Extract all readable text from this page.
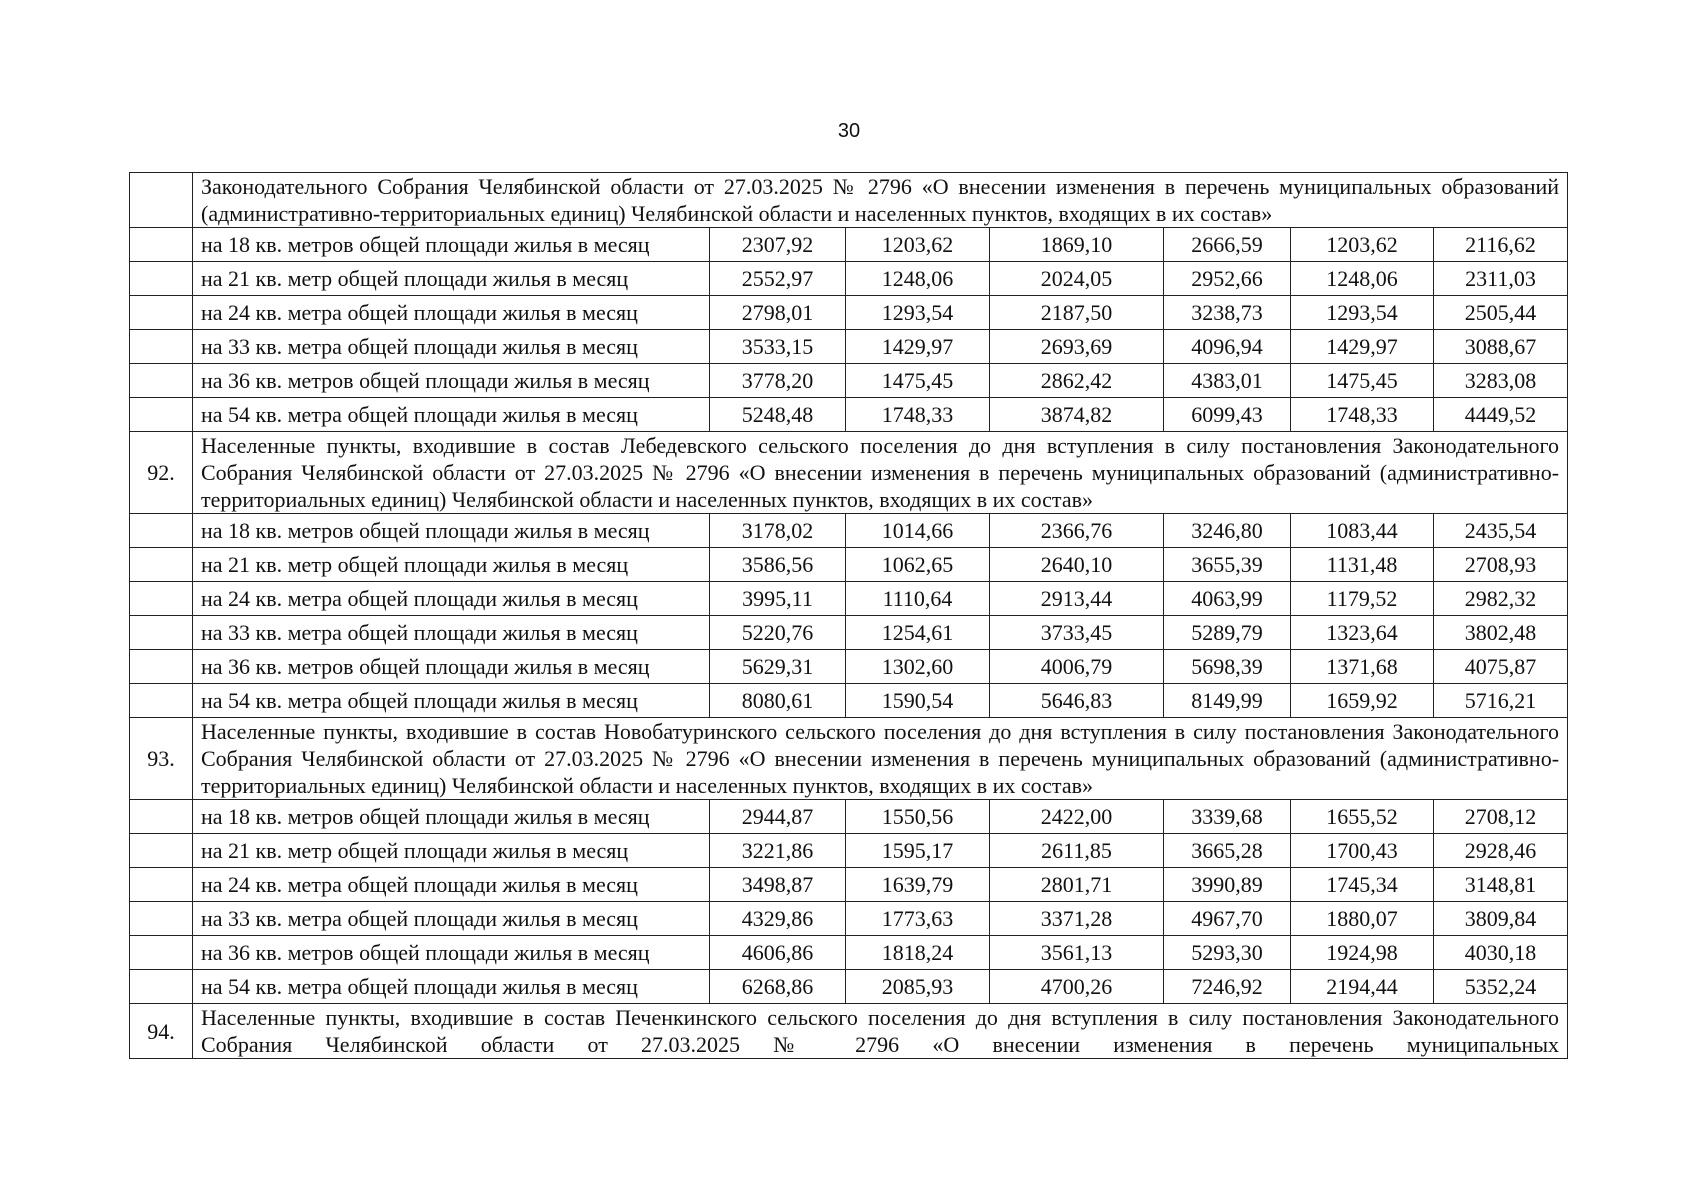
30
	Законодательного Собрания Челябинской области от 27.03.2025 № 2796 «О внесении изменения в перечень муниципальных образований (административно-территориальных единиц) Челябинской области и населенных пунктов, входящих в их состав»						
	на 18 кв. метров общей площади жилья в месяц	2307,92	1203,62	1869,10	2666,59	1203,62	2116,62
	на 21 кв. метр общей площади жилья в месяц	2552,97	1248,06	2024,05	2952,66	1248,06	2311,03
	на 24 кв. метра общей площади жилья в месяц	2798,01	1293,54	2187,50	3238,73	1293,54	2505,44
	на 33 кв. метра общей площади жилья в месяц	3533,15	1429,97	2693,69	4096,94	1429,97	3088,67
	на 36 кв. метров общей площади жилья в месяц	3778,20	1475,45	2862,42	4383,01	1475,45	3283,08
	на 54 кв. метра общей площади жилья в месяц	5248,48	1748,33	3874,82	6099,43	1748,33	4449,52
92.	Населенные пункты, входившие в состав Лебедевского сельского поселения до дня вступления в силу постановления Законодательного Собрания Челябинской области от 27.03.2025 № 2796 «О внесении изменения в перечень муниципальных образований (административно-территориальных единиц) Челябинской области и населенных пунктов, входящих в их состав»						
	на 18 кв. метров общей площади жилья в месяц	3178,02	1014,66	2366,76	3246,80	1083,44	2435,54
	на 21 кв. метр общей площади жилья в месяц	3586,56	1062,65	2640,10	3655,39	1131,48	2708,93
	на 24 кв. метра общей площади жилья в месяц	3995,11	1110,64	2913,44	4063,99	1179,52	2982,32
	на 33 кв. метра общей площади жилья в месяц	5220,76	1254,61	3733,45	5289,79	1323,64	3802,48
	на 36 кв. метров общей площади жилья в месяц	5629,31	1302,60	4006,79	5698,39	1371,68	4075,87
	на 54 кв. метра общей площади жилья в месяц	8080,61	1590,54	5646,83	8149,99	1659,92	5716,21
93.	Населенные пункты, входившие в состав Новобатуринского сельского поселения до дня вступления в силу постановления Законодательного Собрания Челябинской области от 27.03.2025 № 2796 «О внесении изменения в перечень муниципальных образований (административно-территориальных единиц) Челябинской области и населенных пунктов, входящих в их состав»						
	на 18 кв. метров общей площади жилья в месяц	2944,87	1550,56	2422,00	3339,68	1655,52	2708,12
	на 21 кв. метр общей площади жилья в месяц	3221,86	1595,17	2611,85	3665,28	1700,43	2928,46
	на 24 кв. метра общей площади жилья в месяц	3498,87	1639,79	2801,71	3990,89	1745,34	3148,81
	на 33 кв. метра общей площади жилья в месяц	4329,86	1773,63	3371,28	4967,70	1880,07	3809,84
	на 36 кв. метров общей площади жилья в месяц	4606,86	1818,24	3561,13	5293,30	1924,98	4030,18
	на 54 кв. метра общей площади жилья в месяц	6268,86	2085,93	4700,26	7246,92	2194,44	5352,24
94.	Населенные пункты, входившие в состав Печенкинского сельского поселения до дня вступления в силу постановления Законодательного Собрания Челябинской области от 27.03.2025 № 2796 «О внесении изменения в перечень муниципальных						
